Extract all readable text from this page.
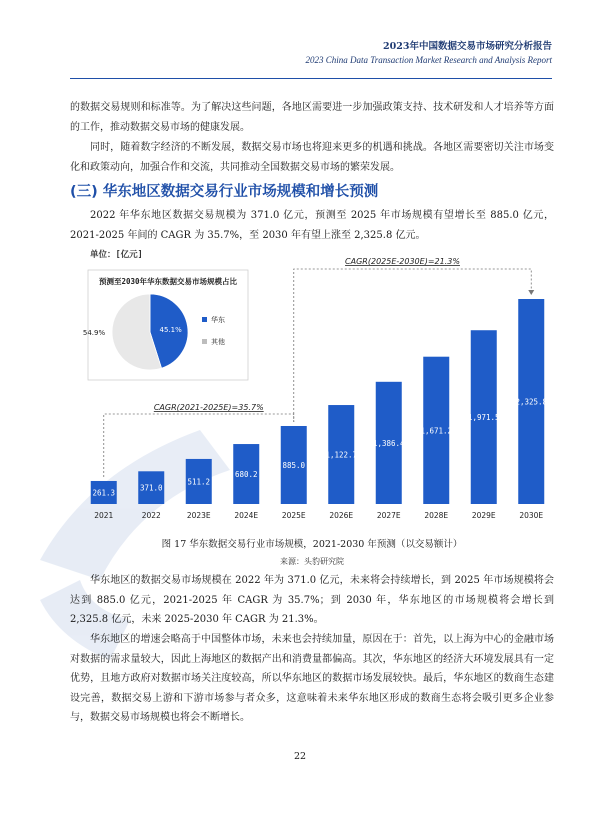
2023年中国数据交易市场研究分析报告
2023 China Data Transaction Market Research and Analysis Report
的数据交易规则和标准等。为了解决这些问题，各地区需要进一步加强政策支持、技术研发和人才培养等方面的工作，推动数据交易市场的健康发展。
同时，随着数字经济的不断发展，数据交易市场也将迎来更多的机遇和挑战。各地区需要密切关注市场变化和政策动向，加强合作和交流，共同推动全国数据交易市场的繁荣发展。
(三) 华东地区数据交易行业市场规模和增长预测
2022 年华东地区数据交易规模为 371.0 亿元，预测至 2025 年市场规模有望增长至 885.0 亿元，2021-2025 年间的 CAGR 为 35.7%，至 2030 年有望上涨至 2,325.8 亿元。
单位：[亿元]
261.3
2021
371.0
2022
511.2
2023E
680.2
2024E
885.0
2025E
1,122.7
2026E
1,386.4
2027E
1,671.2
2028E
1,971.5
2029E
2,325.8
2030E
CAGR(2021-2025E)=35.7%
CAGR(2025E-2030E)=21.3%
预测至2030年华东数据交易市场规模占比
45.1%
54.9%
华东
其他
图 17 华东数据交易行业市场规模，2021-2030 年预测（以交易额计）
来源：头豹研究院
华东地区的数据交易市场规模在 2022 年为 371.0 亿元，未来将会持续增长，到 2025 年市场规模将会达到 885.0 亿元，2021-2025 年 CAGR 为 35.7%；到 2030 年，华东地区的市场规模将会增长到 2,325.8 亿元，未来 2025-2030 年 CAGR 为 21.3%。
华东地区的增速会略高于中国整体市场，未来也会持续加量，原因在于：首先，以上海为中心的金融市场对数据的需求量较大，因此上海地区的数据产出和消费量都偏高。其次，华东地区的经济大环境发展具有一定优势，且地方政府对数据市场关注度较高，所以华东地区的数据市场发展较快。最后，华东地区的数商生态建设完善，数据交易上游和下游市场参与者众多，这意味着未来华东地区形成的数商生态将会吸引更多企业参与，数据交易市场规模也将会不断增长。
22
